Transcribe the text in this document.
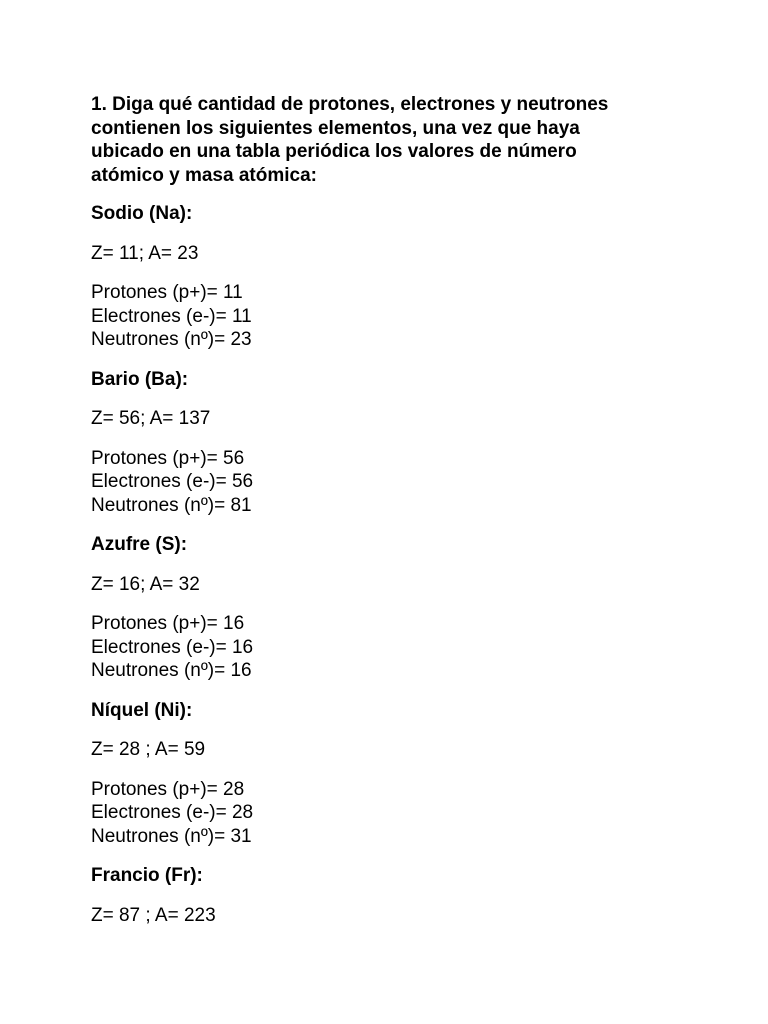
1. Diga qué cantidad de protones, electrones y neutrones
contienen los siguientes elementos, una vez que haya
ubicado en una tabla periódica los valores de número
atómico y masa atómica:
Sodio (Na):
Z= 11; A= 23
Protones (p+)= 11
Electrones (e-)= 11
Neutrones (nº)= 23
Bario (Ba):
Z= 56; A= 137
Protones (p+)= 56
Electrones (e-)= 56
Neutrones (nº)= 81
Azufre (S):
Z= 16; A= 32
Protones (p+)= 16
Electrones (e-)= 16
Neutrones (nº)= 16
Níquel (Ni):
Z= 28 ; A= 59
Protones (p+)= 28
Electrones (e-)= 28
Neutrones (nº)= 31
Francio (Fr):
Z= 87 ; A= 223
